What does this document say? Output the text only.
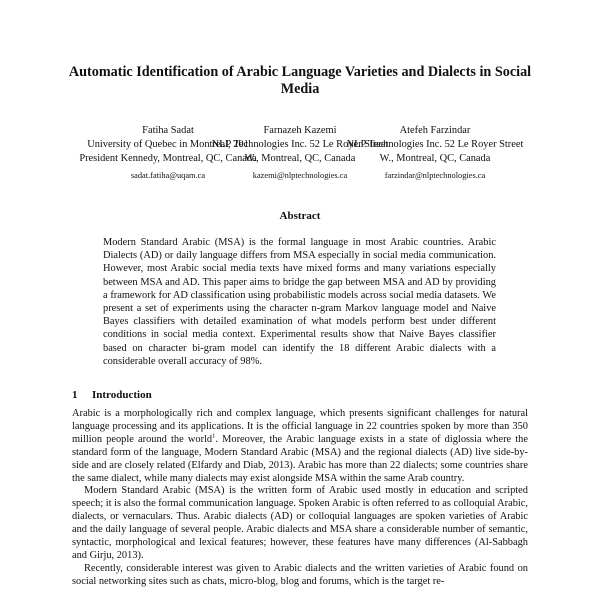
Automatic Identification of Arabic Language Varieties and Dialects in Social Media
Fatiha Sadat
University of Quebec in Montreal, 201 President Kennedy, Montreal, QC, Canada
sadat.fatiha@uqam.ca
Farnazeh Kazemi
NLP Technologies Inc. 52 Le Royer Street W., Montreal, QC, Canada
kazemi@nlptechnologies.ca
Atefeh Farzindar
NLP Technologies Inc. 52 Le Royer Street W., Montreal, QC, Canada
farzindar@nlptechnologies.ca
Abstract
Modern Standard Arabic (MSA) is the formal language in most Arabic countries. Arabic Dialects (AD) or daily language differs from MSA especially in social media communication. However, most Arabic social media texts have mixed forms and many variations especially between MSA and AD. This paper aims to bridge the gap between MSA and AD by providing a framework for AD classification using probabilistic models across social media datasets. We present a set of experiments using the character n-gram Markov language model and Naive Bayes classifiers with detailed examination of what models perform best under different conditions in social media context. Experimental results show that Naive Bayes classifier based on character bi-gram model can identify the 18 different Arabic dialects with a considerable overall accuracy of 98%.
1 Introduction

Arabic is a morphologically rich and complex language, which presents significant challenges for natural language processing and its applications. It is the official language in 22 countries spoken by more than 350 million people around the world$^1$. Moreover, the Arabic language exists in a state of diglossia where the standard form of the language, Modern Standard Arabic (MSA) and the regional dialects (AD) live side-by-side and are closely related (Elfardy and Diab, 2013). Arabic has more than 22 dialects; some countries share the same dialect, while many dialects may exist alongside MSA within the same Arab country.

Modern Standard Arabic (MSA) is the written form of Arabic used mostly in education and scripted speech; it is also the formal communication language. Spoken Arabic is often referred to as colloquial Arabic, dialects, or vernaculars. Thus. Arabic dialects (AD) or colloquial languages are spoken varieties of Arabic and the daily language of several people. Arabic dialects and MSA share a considerable number of semantic, syntactic, morphological and lexical features; however, these features have many differences (Al-Sabbagh and Girju, 2013).

Recently, considerable interest was given to Arabic dialects and the written varieties of Arabic found on social networking sites such as chats, micro-blog, blog and forums, which is the target re-
